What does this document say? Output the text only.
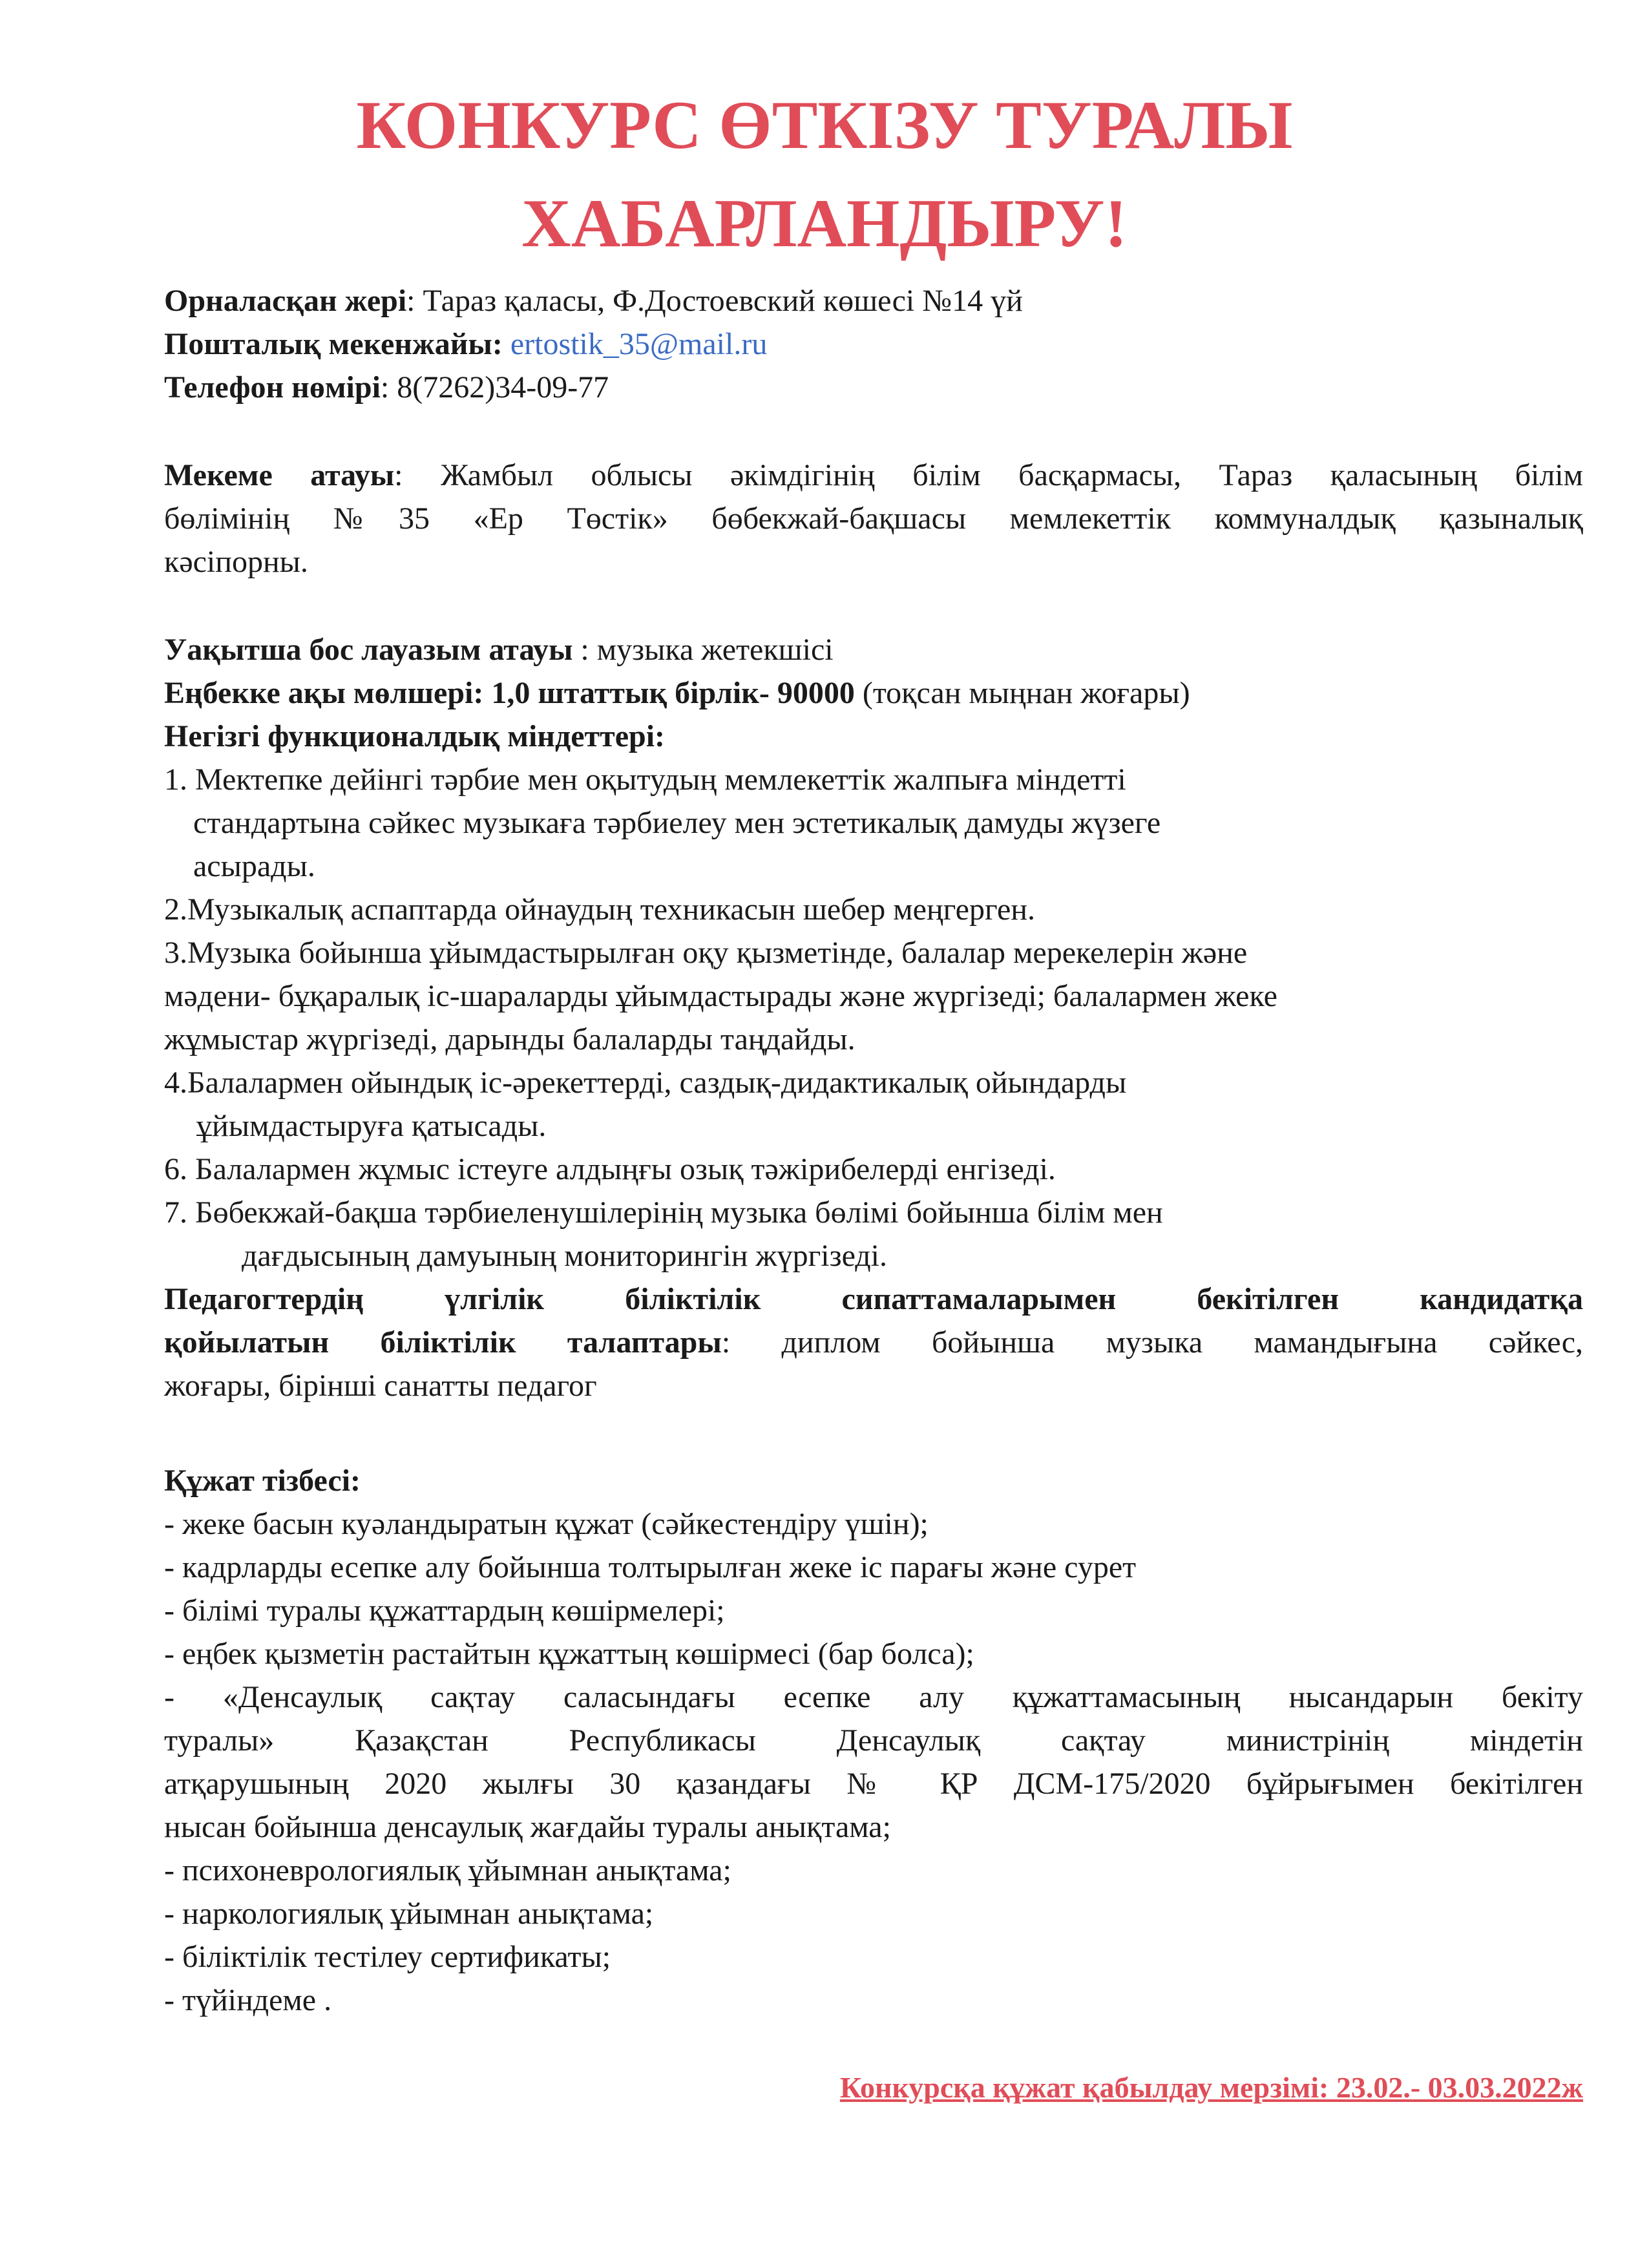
КОНКУРС ӨТКІЗУ ТУРАЛЫ
ХАБАРЛАНДЫРУ!
Орналасқан жері: Тараз қаласы, Ф.Достоевский көшесі №14 үй
Пошталық мекенжайы: ertostik_35@mail.ru
Телефон нөмірі: 8(7262)34-09-77
Мекеме атауы: Жамбыл облысы әкімдігінің білім басқармасы, Тараз қаласының білім
бөлімінің №35 «Ер Төстік» бөбекжай-бақшасы мемлекеттік коммуналдық қазыналық
кәсіпорны.
Уақытша бос лауазым атауы : музыка жетекшісі
Еңбекке ақы мөлшері: 1,0 штаттық бірлік- 90000 (тоқсан мыңнан жоғары)
Негізгі функционалдық міндеттері:
1. Мектепке дейінгі тәрбие мен оқытудың мемлекеттік жалпыға міндетті
стандартына сәйкес музыкаға тәрбиелеу мен эстетикалық дамуды жүзеге
асырады.
2.Музыкалық аспаптарда ойнаудың техникасын шебер меңгерген.
3.Музыка бойынша ұйымдастырылған оқу қызметінде, балалар мерекелерін және
мәдени- бұқаралық іс-шараларды ұйымдастырады және жүргізеді; балалармен жеке
жұмыстар жүргізеді, дарынды балаларды таңдайды.
4.Балалармен ойындық іс-әрекеттерді, саздық-дидактикалық ойындарды
ұйымдастыруға қатысады.
6. Балалармен жұмыс істеуге алдыңғы озық тәжірибелерді енгізеді.
7. Бөбекжай-бақша тәрбиеленушілерінің музыка бөлімі бойынша білім мен
дағдысының дамуының мониторингін жүргізеді.
Педагогтердің үлгілік біліктілік сипаттамаларымен бекітілген кандидатқа
қойылатын біліктілік талаптары: диплом бойынша музыка мамандығына сәйкес,
жоғары, бірінші санатты педагог
Құжат тізбесі:
- жеке басын куәландыратын құжат (сәйкестендіру үшін);
- кадрларды есепке алу бойынша толтырылған жеке іс парағы және сурет
- білімі туралы құжаттардың көшірмелері;
- еңбек қызметін растайтын құжаттың көшірмесі (бар болса);
- «Денсаулық сақтау саласындағы есепке алу құжаттамасының нысандарын бекіту
туралы» Қазақстан Республикасы Денсаулық сақтау министрінің міндетін
атқарушының 2020 жылғы 30 қазандағы № ҚР ДСМ-175/2020 бұйрығымен бекітілген
нысан бойынша денсаулық жағдайы туралы анықтама;
- психоневрологиялық ұйымнан анықтама;
- наркологиялық ұйымнан анықтама;
- біліктілік тестілеу сертификаты;
- түйіндеме .
Конкурсқа құжат қабылдау мерзімі: 23.02.- 03.03.2022ж
